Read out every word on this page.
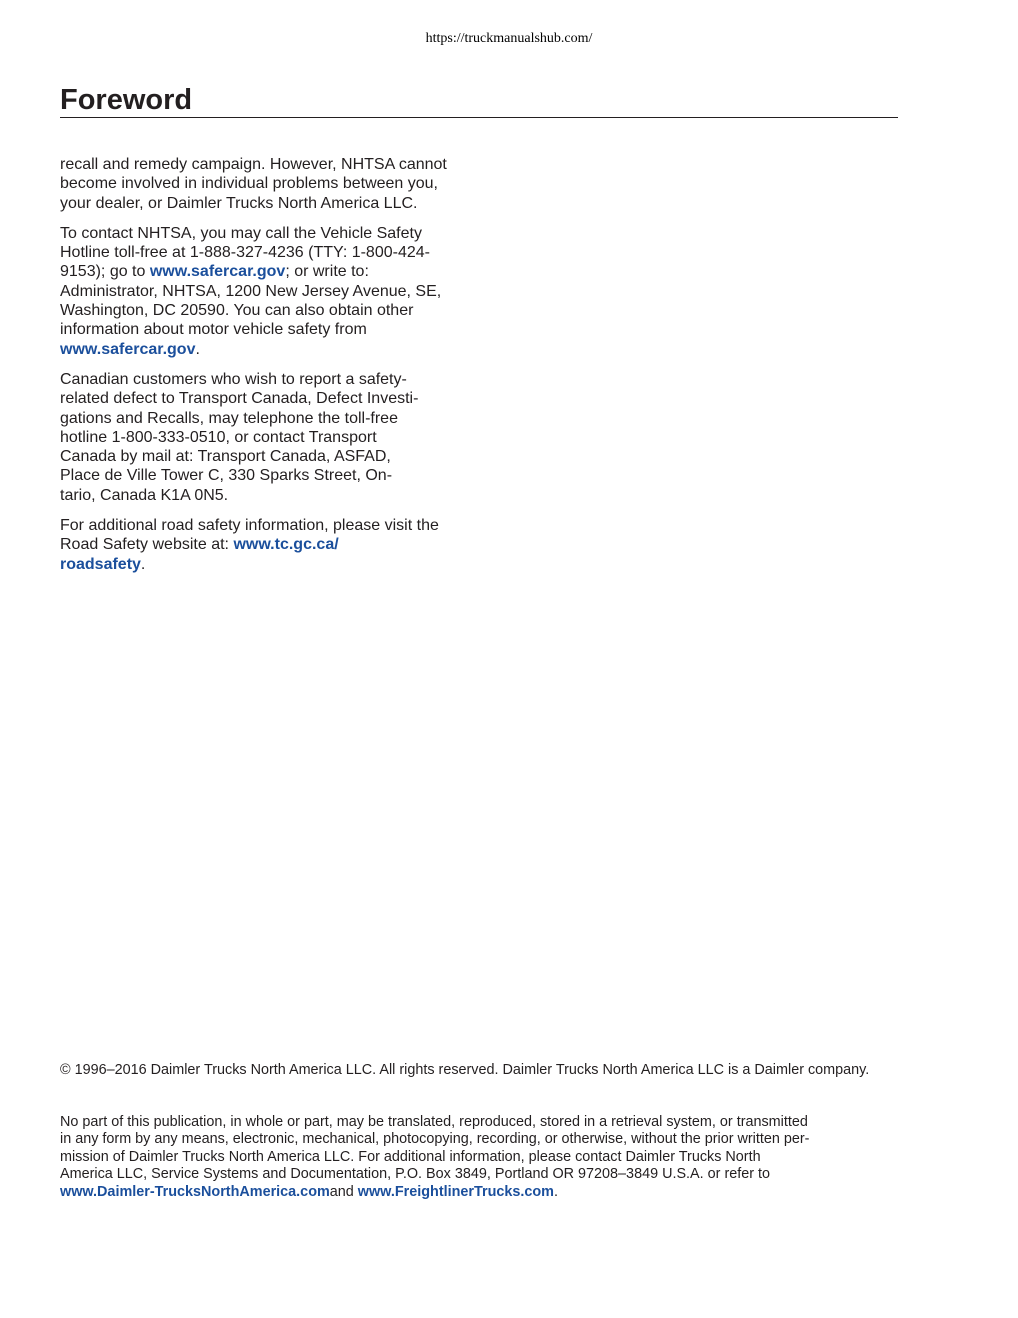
https://truckmanualshub.com/
Foreword

recall and remedy campaign. However, NHTSA cannot become involved in individual problems between you, your dealer, or Daimler Trucks North America LLC.

To contact NHTSA, you may call the Vehicle Safety Hotline toll-free at 1-888-327-4236 (TTY: 1-800-424-9153); go to www.safercar.gov; or write to: Administrator, NHTSA, 1200 New Jersey Avenue, SE, Washington, DC 20590. You can also obtain other information about motor vehicle safety from www.safercar.gov.

Canadian customers who wish to report a safety-
related defect to Transport Canada, Defect Investi-
gations and Recalls, may telephone the toll-free
hotline 1-800-333-0510, or contact Transport
Canada by mail at: Transport Canada, ASFAD,
Place de Ville Tower C, 330 Sparks Street, On-
tario, Canada K1A 0N5.

For additional road safety information, please visit the Road Safety website at: www.tc.gc.ca/
roadsafety.

© 1996–2016 Daimler Trucks North America LLC. All rights reserved. Daimler Trucks North America LLC is a Daimler company.

No part of this publication, in whole or part, may be translated, reproduced, stored in a retrieval system, or transmitted
in any form by any means, electronic, mechanical, photocopying, recording, or otherwise, without the prior written per-
mission of Daimler Trucks North America LLC. For additional information, please contact Daimler Trucks North
America LLC, Service Systems and Documentation, P.O. Box 3849, Portland OR 97208–3849 U.S.A. or refer to
www.Daimler-TrucksNorthAmerica.comand www.FreightlinerTrucks.com.
